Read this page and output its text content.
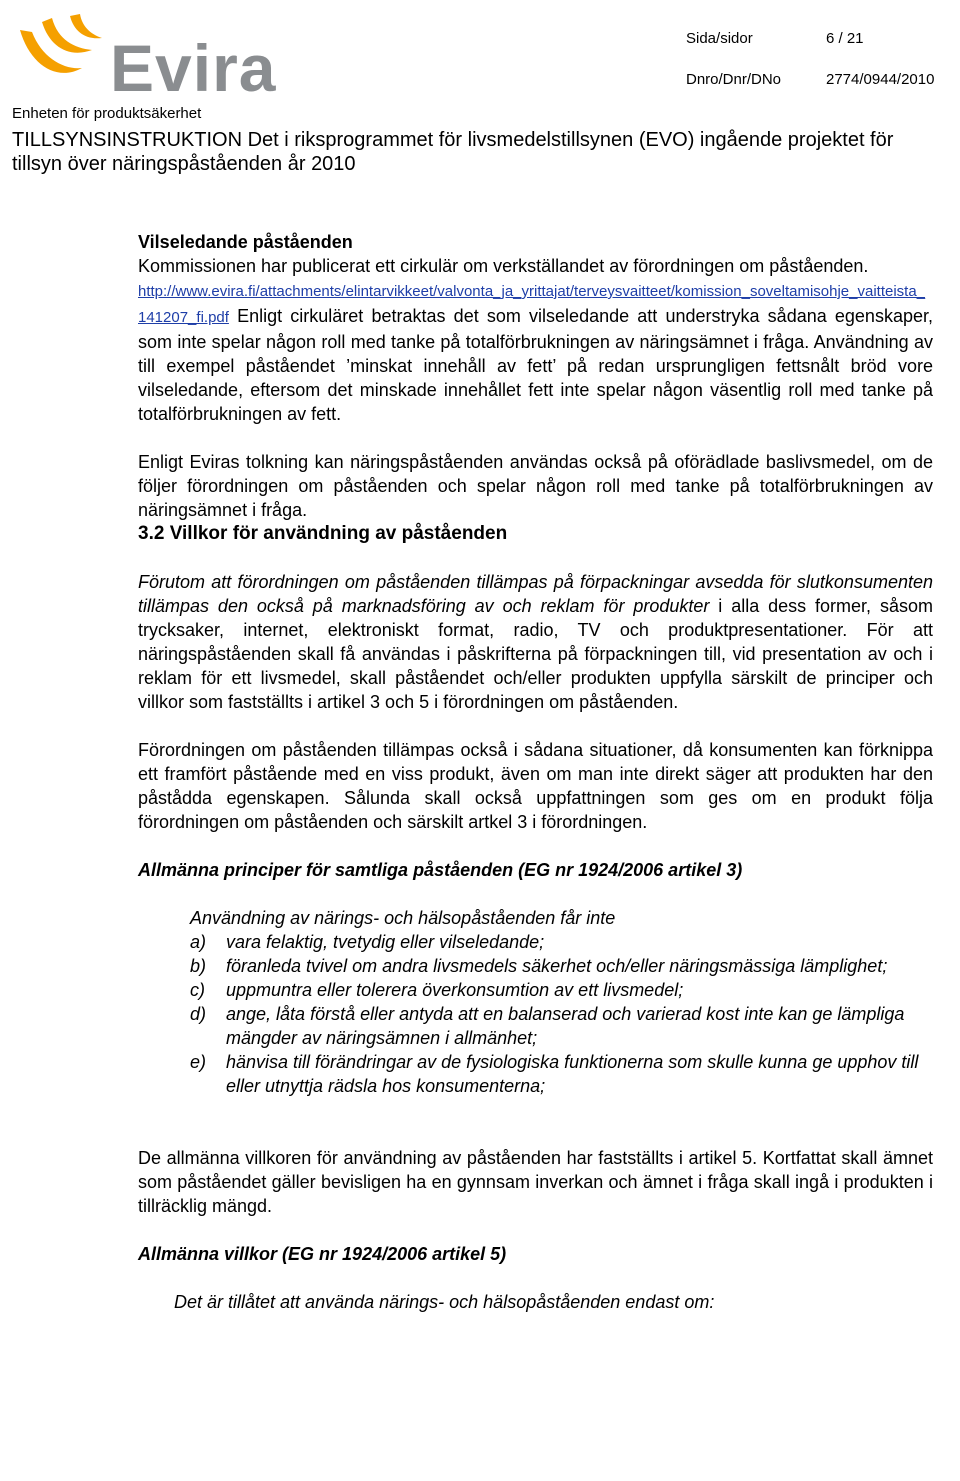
Evira	Sida/sidor	6 / 21
Dnro/Dnr/DNo	2774/0944/2010
Enheten för produktsäkerhet
TILLSYNSINSTRUKTION Det i riksprogrammet för livsmedelstillsynen (EVO) ingående projektet för tillsyn över näringspåståenden år 2010

Vilseledande påståenden

Kommissionen har publicerat ett cirkulär om verkställandet av förordningen om påståenden.

http://www.evira.fi/attachments/elintarvikkeet/valvonta_ja_yrittajat/terveysvaitteet/komission_soveltamisohje_vaitteista_141207_fi.pdf Enligt cirkuläret betraktas det som vilseledande att understryka sådana egenskaper, som inte spelar någon roll med tanke på totalförbrukningen av näringsämnet i fråga. Användning av till exempel påståendet ’minskat innehåll av fett’ på redan ursprungligen fettsnålt bröd vore vilseledande, eftersom det minskade innehållet fett inte spelar någon väsentlig roll med tanke på totalförbrukningen av fett.

Enligt Eviras tolkning kan näringspåståenden användas också på oförädlade baslivsmedel, om de följer förordningen om påståenden och spelar någon roll med tanke på totalförbrukningen av näringsämnet i fråga.

3.2 Villkor för användning av påståenden

Förutom att förordningen om påståenden tillämpas på förpackningar avsedda för slutkonsumenten tillämpas den också på marknadsföring av och reklam för produkter i alla dess former, såsom trycksaker, internet, elektroniskt format, radio, TV och produktpresentationer. För att näringspåståenden skall få användas i påskrifterna på förpackningen till, vid presentation av och i reklam för ett livsmedel, skall påståendet och/eller produkten uppfylla särskilt de principer och villkor som fastställts i artikel 3 och 5 i förordningen om påståenden.

Förordningen om påståenden tillämpas också i sådana situationer, då konsumenten kan förknippa ett framfört påstående med en viss produkt, även om man inte direkt säger att produkten har den påstådda egenskapen. Sålunda skall också uppfattningen som ges om en produkt följa förordningen om påståenden och särskilt artkel 3 i förordningen.

Allmänna principer för samtliga påståenden (EG nr 1924/2006 artikel 3)

Användning av närings- och hälsopåståenden får inte
a)	vara felaktig, tvetydig eller vilseledande;
b)	föranleda tvivel om andra livsmedels säkerhet och/eller näringsmässiga lämplighet;
c)	uppmuntra eller tolerera överkonsumtion av ett livsmedel;
d)	ange, låta förstå eller antyda att en balanserad och varierad kost inte kan ge lämpliga mängder av näringsämnen i allmänhet;
e)	hänvisa till förändringar av de fysiologiska funktionerna som skulle kunna ge upphov till eller utnyttja rädsla hos konsumenterna;

De allmänna villkoren för användning av påståenden har fastställts i artikel 5. Kortfattat skall ämnet som påståendet gäller bevisligen ha en gynnsam inverkan och ämnet i fråga skall ingå i produkten i tillräcklig mängd.

Allmänna villkor (EG nr 1924/2006 artikel 5)

Det är tillåtet att använda närings- och hälsopåståenden endast om:
